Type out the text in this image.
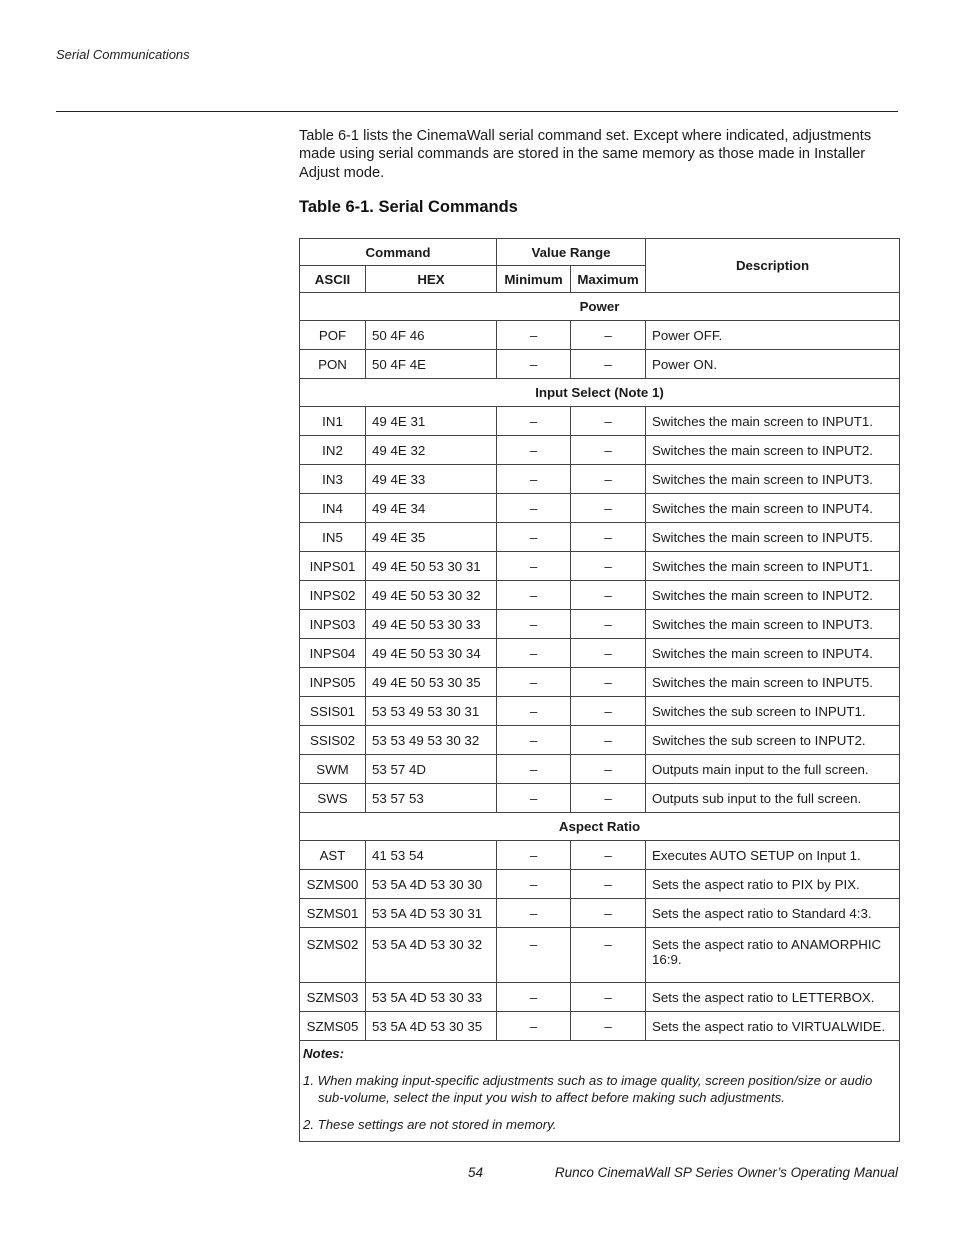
Serial Communications

Table 6-1 lists the CinemaWall serial command set. Except where indicated, adjustments made using serial commands are stored in the same memory as those made in Installer Adjust mode.

Table 6-1. Serial Commands
Command		Value Range		Description
ASCII	HEX	Minimum	Maximum	
Power				
POF	50 4F 46	–	–	Power OFF.
PON	50 4F 4E	–	–	Power ON.
Input Select (Note 1)				
IN1	49 4E 31	–	–	Switches the main screen to INPUT1.
IN2	49 4E 32	–	–	Switches the main screen to INPUT2.
IN3	49 4E 33	–	–	Switches the main screen to INPUT3.
IN4	49 4E 34	–	–	Switches the main screen to INPUT4.
IN5	49 4E 35	–	–	Switches the main screen to INPUT5.
INPS01	49 4E 50 53 30 31	–	–	Switches the main screen to INPUT1.
INPS02	49 4E 50 53 30 32	–	–	Switches the main screen to INPUT2.
INPS03	49 4E 50 53 30 33	–	–	Switches the main screen to INPUT3.
INPS04	49 4E 50 53 30 34	–	–	Switches the main screen to INPUT4.
INPS05	49 4E 50 53 30 35	–	–	Switches the main screen to INPUT5.
SSIS01	53 53 49 53 30 31	–	–	Switches the sub screen to INPUT1.
SSIS02	53 53 49 53 30 32	–	–	Switches the sub screen to INPUT2.
SWM	53 57 4D	–	–	Outputs main input to the full screen.
SWS	53 57 53	–	–	Outputs sub input to the full screen.
Aspect Ratio				
AST	41 53 54	–	–	Executes AUTO SETUP on Input 1.
SZMS00	53 5A 4D 53 30 30	–	–	Sets the aspect ratio to PIX by PIX.
SZMS01	53 5A 4D 53 30 31	–	–	Sets the aspect ratio to Standard 4:3.
SZMS02	53 5A 4D 53 30 32	–	–	Sets the aspect ratio to ANAMORPHIC 16:9.
SZMS03	53 5A 4D 53 30 33	–	–	Sets the aspect ratio to LETTERBOX.
SZMS05	53 5A 4D 53 30 35	–	–	Sets the aspect ratio to VIRTUALWIDE.

Notes:
1. When making input-specific adjustments such as to image quality, screen position/size or audio sub-volume, select the input you wish to affect before making such adjustments.
2. These settings are not stored in memory.				
54	Runco CinemaWall SP Series Owner’s Operating Manual
